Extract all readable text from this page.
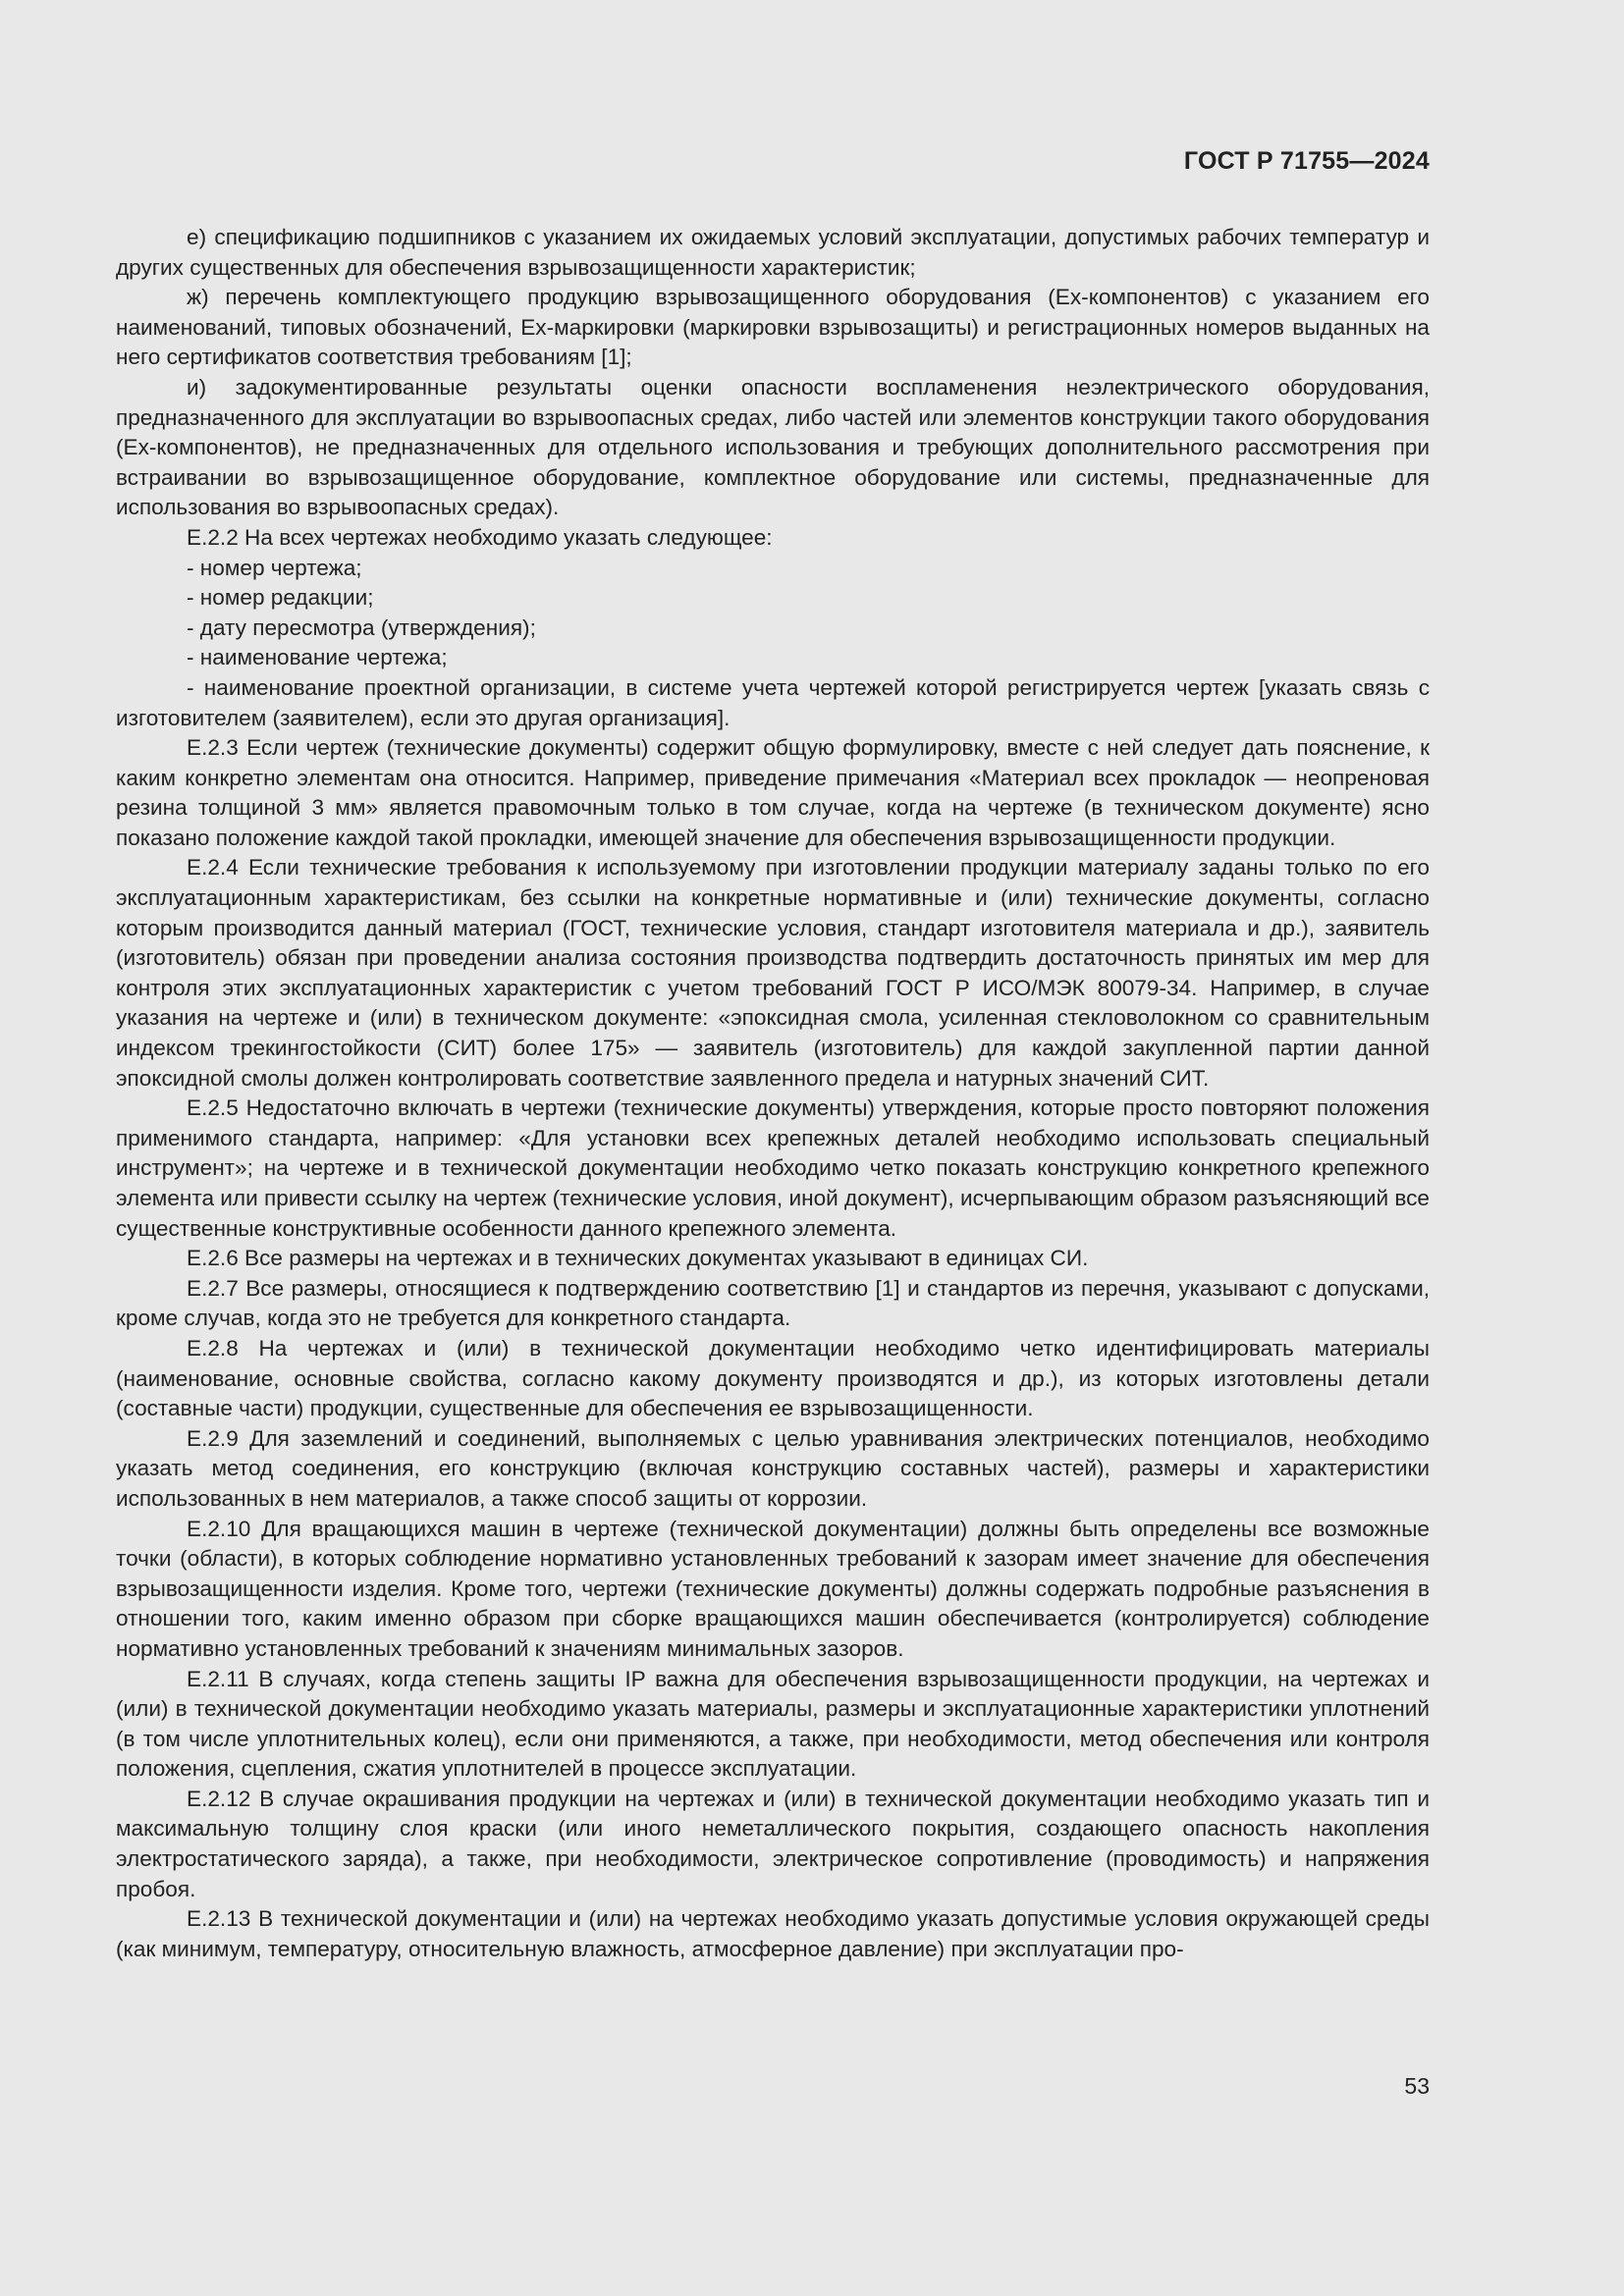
ГОСТ Р 71755—2024

е) спецификацию подшипников с указанием их ожидаемых условий эксплуатации, допустимых рабочих температур и других существенных для обеспечения взрывозащищенности характеристик;

ж) перечень комплектующего продукцию взрывозащищенного оборудования (Ex-компонентов) с указанием его наименований, типовых обозначений, Ex-маркировки (маркировки взрывозащиты) и регистрационных номеров выданных на него сертификатов соответствия требованиям [1];

и) задокументированные результаты оценки опасности воспламенения неэлектрического оборудования, предназначенного для эксплуатации во взрывоопасных средах, либо частей или элементов конструкции такого оборудования (Ex-компонентов), не предназначенных для отдельного использования и требующих дополнительного рассмотрения при встраивании во взрывозащищенное оборудование, комплектное оборудование или системы, предназначенные для использования во взрывоопасных средах).

Е.2.2 На всех чертежах необходимо указать следующее:

- номер чертежа;

- номер редакции;

- дату пересмотра (утверждения);

- наименование чертежа;

- наименование проектной организации, в системе учета чертежей которой регистрируется чертеж [указать связь с изготовителем (заявителем), если это другая организация].

Е.2.3 Если чертеж (технические документы) содержит общую формулировку, вместе с ней следует дать пояснение, к каким конкретно элементам она относится. Например, приведение примечания «Материал всех прокладок — неопреновая резина толщиной 3 мм» является правомочным только в том случае, когда на чертеже (в техническом документе) ясно показано положение каждой такой прокладки, имеющей значение для обеспечения взрывозащищенности продукции.

Е.2.4 Если технические требования к используемому при изготовлении продукции материалу заданы только по его эксплуатационным характеристикам, без ссылки на конкретные нормативные и (или) технические документы, согласно которым производится данный материал (ГОСТ, технические условия, стандарт изготовителя материала и др.), заявитель (изготовитель) обязан при проведении анализа состояния производства подтвердить достаточность принятых им мер для контроля этих эксплуатационных характеристик с учетом требований ГОСТ Р ИСО/МЭК 80079-34. Например, в случае указания на чертеже и (или) в техническом документе: «эпоксидная смола, усиленная стекловолокном со сравнительным индексом трекингостойкости (СИТ) более 175» — заявитель (изготовитель) для каждой закупленной партии данной эпоксидной смолы должен контролировать соответствие заявленного предела и натурных значений СИТ.

Е.2.5 Недостаточно включать в чертежи (технические документы) утверждения, которые просто повторяют положения применимого стандарта, например: «Для установки всех крепежных деталей необходимо использовать специальный инструмент»; на чертеже и в технической документации необходимо четко показать конструкцию конкретного крепежного элемента или привести ссылку на чертеж (технические условия, иной документ), исчерпывающим образом разъясняющий все существенные конструктивные особенности данного крепежного элемента.

Е.2.6 Все размеры на чертежах и в технических документах указывают в единицах СИ.

Е.2.7 Все размеры, относящиеся к подтверждению соответствию [1] и стандартов из перечня, указывают с допусками, кроме случав, когда это не требуется для конкретного стандарта.

Е.2.8 На чертежах и (или) в технической документации необходимо четко идентифицировать материалы (наименование, основные свойства, согласно какому документу производятся и др.), из которых изготовлены детали (составные части) продукции, существенные для обеспечения ее взрывозащищенности.

Е.2.9 Для заземлений и соединений, выполняемых с целью уравнивания электрических потенциалов, необходимо указать метод соединения, его конструкцию (включая конструкцию составных частей), размеры и характеристики использованных в нем материалов, а также способ защиты от коррозии.

Е.2.10 Для вращающихся машин в чертеже (технической документации) должны быть определены все возможные точки (области), в которых соблюдение нормативно установленных требований к зазорам имеет значение для обеспечения взрывозащищенности изделия. Кроме того, чертежи (технические документы) должны содержать подробные разъяснения в отношении того, каким именно образом при сборке вращающихся машин обеспечивается (контролируется) соблюдение нормативно установленных требований к значениям минимальных зазоров.

Е.2.11 В случаях, когда степень защиты IP важна для обеспечения взрывозащищенности продукции, на чертежах и (или) в технической документации необходимо указать материалы, размеры и эксплуатационные характеристики уплотнений (в том числе уплотнительных колец), если они применяются, а также, при необходимости, метод обеспечения или контроля положения, сцепления, сжатия уплотнителей в процессе эксплуатации.

Е.2.12 В случае окрашивания продукции на чертежах и (или) в технической документации необходимо указать тип и максимальную толщину слоя краски (или иного неметаллического покрытия, создающего опасность накопления электростатического заряда), а также, при необходимости, электрическое сопротивление (проводимость) и напряжения пробоя.

Е.2.13 В технической документации и (или) на чертежах необходимо указать допустимые условия окружающей среды (как минимум, температуру, относительную влажность, атмосферное давление) при эксплуатации про-

53
